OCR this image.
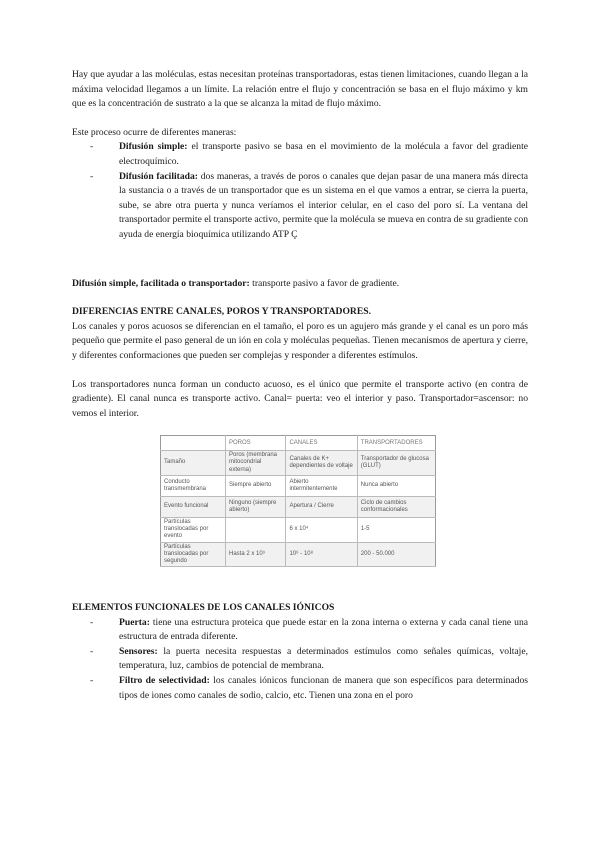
Hay que ayudar a las moléculas, estas necesitan proteínas transportadoras, estas tienen limitaciones, cuando llegan a la máxima velocidad llegamos a un límite. La relación entre el flujo y concentración se basa en el flujo máximo y km que es la concentración de sustrato a la que se alcanza la mitad de flujo máximo.

Este proceso ocurre de diferentes maneras:

- Difusión simple: el transporte pasivo se basa en el movimiento de la molécula a favor del gradiente electroquímico.
- Difusión facilitada: dos maneras, a través de poros o canales que dejan pasar de una manera más directa la sustancia o a través de un transportador que es un sistema en el que vamos a entrar, se cierra la puerta, sube, se abre otra puerta y nunca veríamos el interior celular, en el caso del poro sí. La ventana del transportador permite el transporte activo, permite que la molécula se mueva en contra de su gradiente con ayuda de energía bioquímica utilizando ATP Ç

Difusión simple, facilitada o transportador: transporte pasivo a favor de gradiente.

DIFERENCIAS ENTRE CANALES, POROS Y TRANSPORTADORES.

Los canales y poros acuosos se diferencian en el tamaño, el poro es un agujero más grande y el canal es un poro más pequeño que permite el paso general de un ión en cola y moléculas pequeñas. Tienen mecanismos de apertura y cierre, y diferentes conformaciones que pueden ser complejas y responder a diferentes estímulos.

Los transportadores nunca forman un conducto acuoso, es el único que permite el transporte activo (en contra de gradiente). El canal nunca es transporte activo. Canal= puerta: veo el interior y paso. Transportador=ascensor: no vemos el interior.

	POROS	CANALES	TRANSPORTADORES
Tamaño	Poros (membrana mitocondrial externa)	Canales de K+ dependientes de voltaje	Transportador de glucosa (GLUT)
Conducto transmembrana	Siempre abierto	Abierto intermitentemente	Nunca abierto
Evento funcional	Ninguno (siempre abierto)	Apertura / Cierre	Ciclo de cambios conformacionales
Partículas translocadas por evento		6 x 10⁴	1-5
Partículas translocadas por segundo	Hasta 2 x 10⁹	10⁶ - 10⁸	200 - 50.000
ELEMENTOS FUNCIONALES DE LOS CANALES IÓNICOS
- Puerta: tiene una estructura proteica que puede estar en la zona interna o externa y cada canal tiene una estructura de entrada diferente.
- Sensores: la puerta necesita respuestas a determinados estímulos como señales químicas, voltaje, temperatura, luz, cambios de potencial de membrana.
- Filtro de selectividad: los canales iónicos funcionan de manera que son específicos para determinados tipos de iones como canales de sodio, calcio, etc. Tienen una zona en el poro
